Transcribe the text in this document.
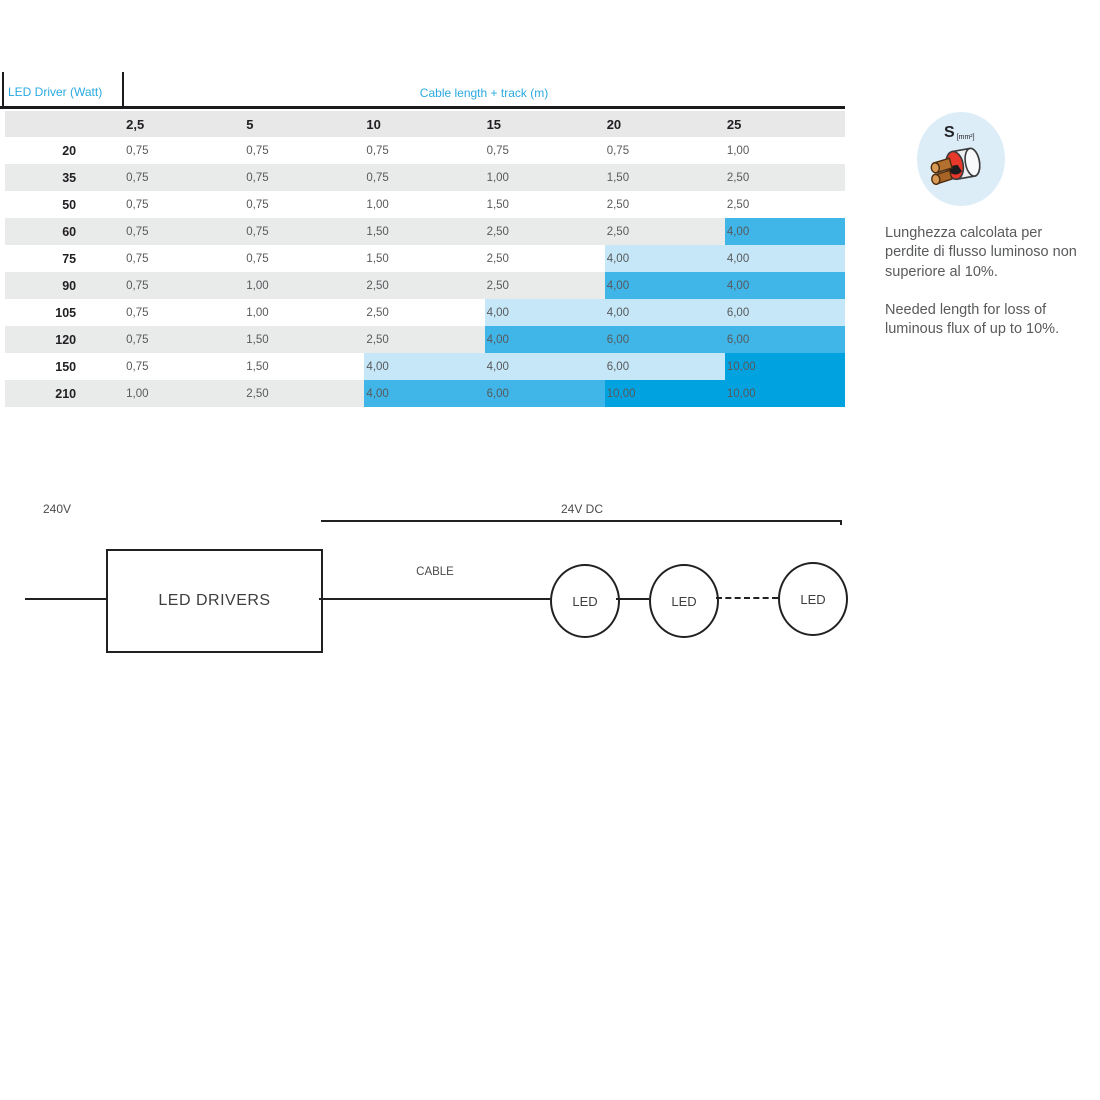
LED Driver (Watt)	Cable length + track (m)
	2,5	5	10	15	20	25
20	0,75	0,75	0,75	0,75	0,75	1,00
35	0,75	0,75	0,75	1,00	1,50	2,50
50	0,75	0,75	1,00	1,50	2,50	2,50
60	0,75	0,75	1,50	2,50	2,50	4,00
75	0,75	0,75	1,50	2,50	4,00	4,00
90	0,75	1,00	2,50	2,50	4,00	4,00
105	0,75	1,00	2,50	4,00	4,00	6,00
120	0,75	1,50	2,50	4,00	6,00	6,00
150	0,75	1,50	4,00	4,00	6,00	10,00
210	1,00	2,50	4,00	6,00	10,00	10,00
S [mm²]

Lunghezza calcolata per perdite di flusso luminoso non superiore al 10%.

Needed length for loss of luminous flux of up to 10%.

240V	24V DC
LED DRIVERS
CABLE
LED	LED	LED
